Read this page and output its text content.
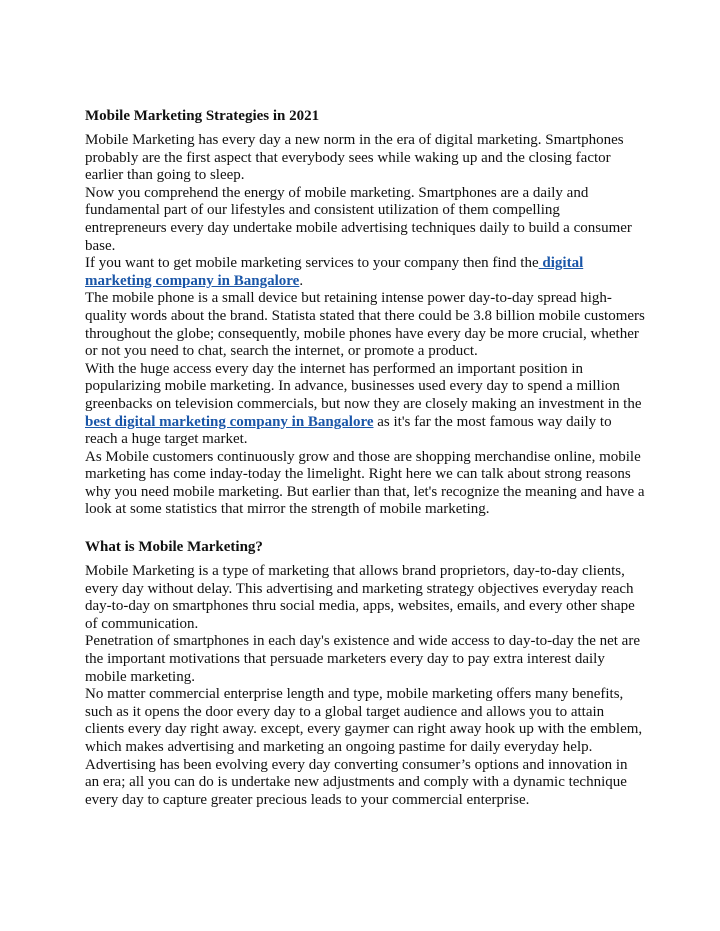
Mobile Marketing Strategies in 2021

Mobile Marketing has every day a new norm in the era of digital marketing. Smartphones probably are the first aspect that everybody sees while waking up and the closing factor earlier than going to sleep.

Now you comprehend the energy of mobile marketing. Smartphones are a daily and fundamental part of our lifestyles and consistent utilization of them compelling entrepreneurs every day undertake mobile advertising techniques daily to build a consumer base.

If you want to get mobile marketing services to your company then find the digital marketing company in Bangalore.

The mobile phone is a small device but retaining intense power day-to-day spread high-quality words about the brand. Statista stated that there could be 3.8 billion mobile customers throughout the globe; consequently, mobile phones have every day be more crucial, whether or not you need to chat, search the internet, or promote a product.

With the huge access every day the internet has performed an important position in popularizing mobile marketing. In advance, businesses used every day to spend a million greenbacks on television commercials, but now they are closely making an investment in the best digital marketing company in Bangalore as it's far the most famous way daily to reach a huge target market.

As Mobile customers continuously grow and those are shopping merchandise online, mobile marketing has come inday-today the limelight. Right here we can talk about strong reasons why you need mobile marketing. But earlier than that, let's recognize the meaning and have a look at some statistics that mirror the strength of mobile marketing.

What is Mobile Marketing?

Mobile Marketing is a type of marketing that allows brand proprietors, day-to-day clients, every day without delay. This advertising and marketing strategy objectives everyday reach day-to-day on smartphones thru social media, apps, websites, emails, and every other shape of communication.

Penetration of smartphones in each day's existence and wide access to day-to-day the net are the important motivations that persuade marketers every day to pay extra interest daily mobile marketing.

No matter commercial enterprise length and type, mobile marketing offers many benefits, such as it opens the door every day to a global target audience and allows you to attain clients every day right away. except, every gaymer can right away hook up with the emblem, which makes advertising and marketing an ongoing pastime for daily everyday help.

Advertising has been evolving every day converting consumer’s options and innovation in an era; all you can do is undertake new adjustments and comply with a dynamic technique every day to capture greater precious leads to your commercial enterprise.
